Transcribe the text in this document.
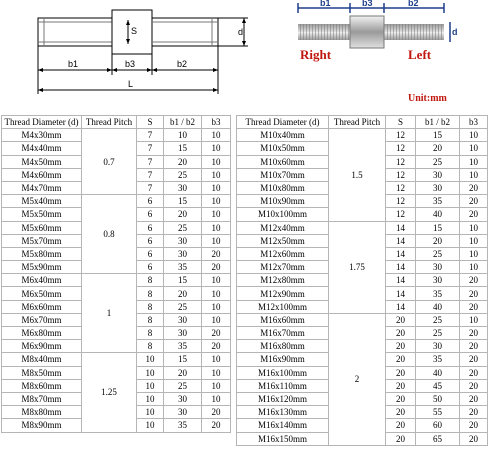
S	d
b1	b3	b2
L
b1	b3	b2
d
Right	Left
Unit:mm
Thread Diameter (d)	Thread Pitch	S	b1 / b2	b3
M4x30mm	0.7	7	10	10
M4x40mm		7	15	10
M4x50mm		7	20	10
M4x60mm		7	25	10
M4x70mm		7	30	10
M5x40mm	0.8	6	15	10
M5x50mm		6	20	10
M5x60mm		6	25	10
M5x70mm		6	30	10
M5x80mm		6	30	20
M5x90mm		6	35	20
M6x40mm	1	8	15	10
M6x50mm		8	20	10
M6x60mm		8	25	10
M6x70mm		8	30	10
M6x80mm		8	30	20
M6x90mm		8	35	20
M8x40mm	1.25	10	15	10
M8x50mm		10	20	10
M8x60mm		10	25	10
M8x70mm		10	30	10
M8x80mm		10	30	20
M8x90mm		10	35	20
Thread Diameter (d)	Thread Pitch	S	b1 / b2	b3
M10x40mm	1.5	12	15	10
M10x50mm		12	20	10
M10x60mm		12	25	10
M10x70mm		12	30	10
M10x80mm		12	30	20
M10x90mm		12	35	20
M10x100mm		12	40	20
M12x40mm	1.75	14	15	10
M12x50mm		14	20	10
M12x60mm		14	25	10
M12x70mm		14	30	10
M12x80mm		14	30	20
M12x90mm		14	35	20
M12x100mm		14	40	20
M16x60mm	2	20	25	10
M16x70mm		20	25	20
M16x80mm		20	30	20
M16x90mm		20	35	20
M16x100mm		20	40	20
M16x110mm		20	45	20
M16x120mm		20	50	20
M16x130mm		20	55	20
M16x140mm		20	60	20
M16x150mm		20	65	20
